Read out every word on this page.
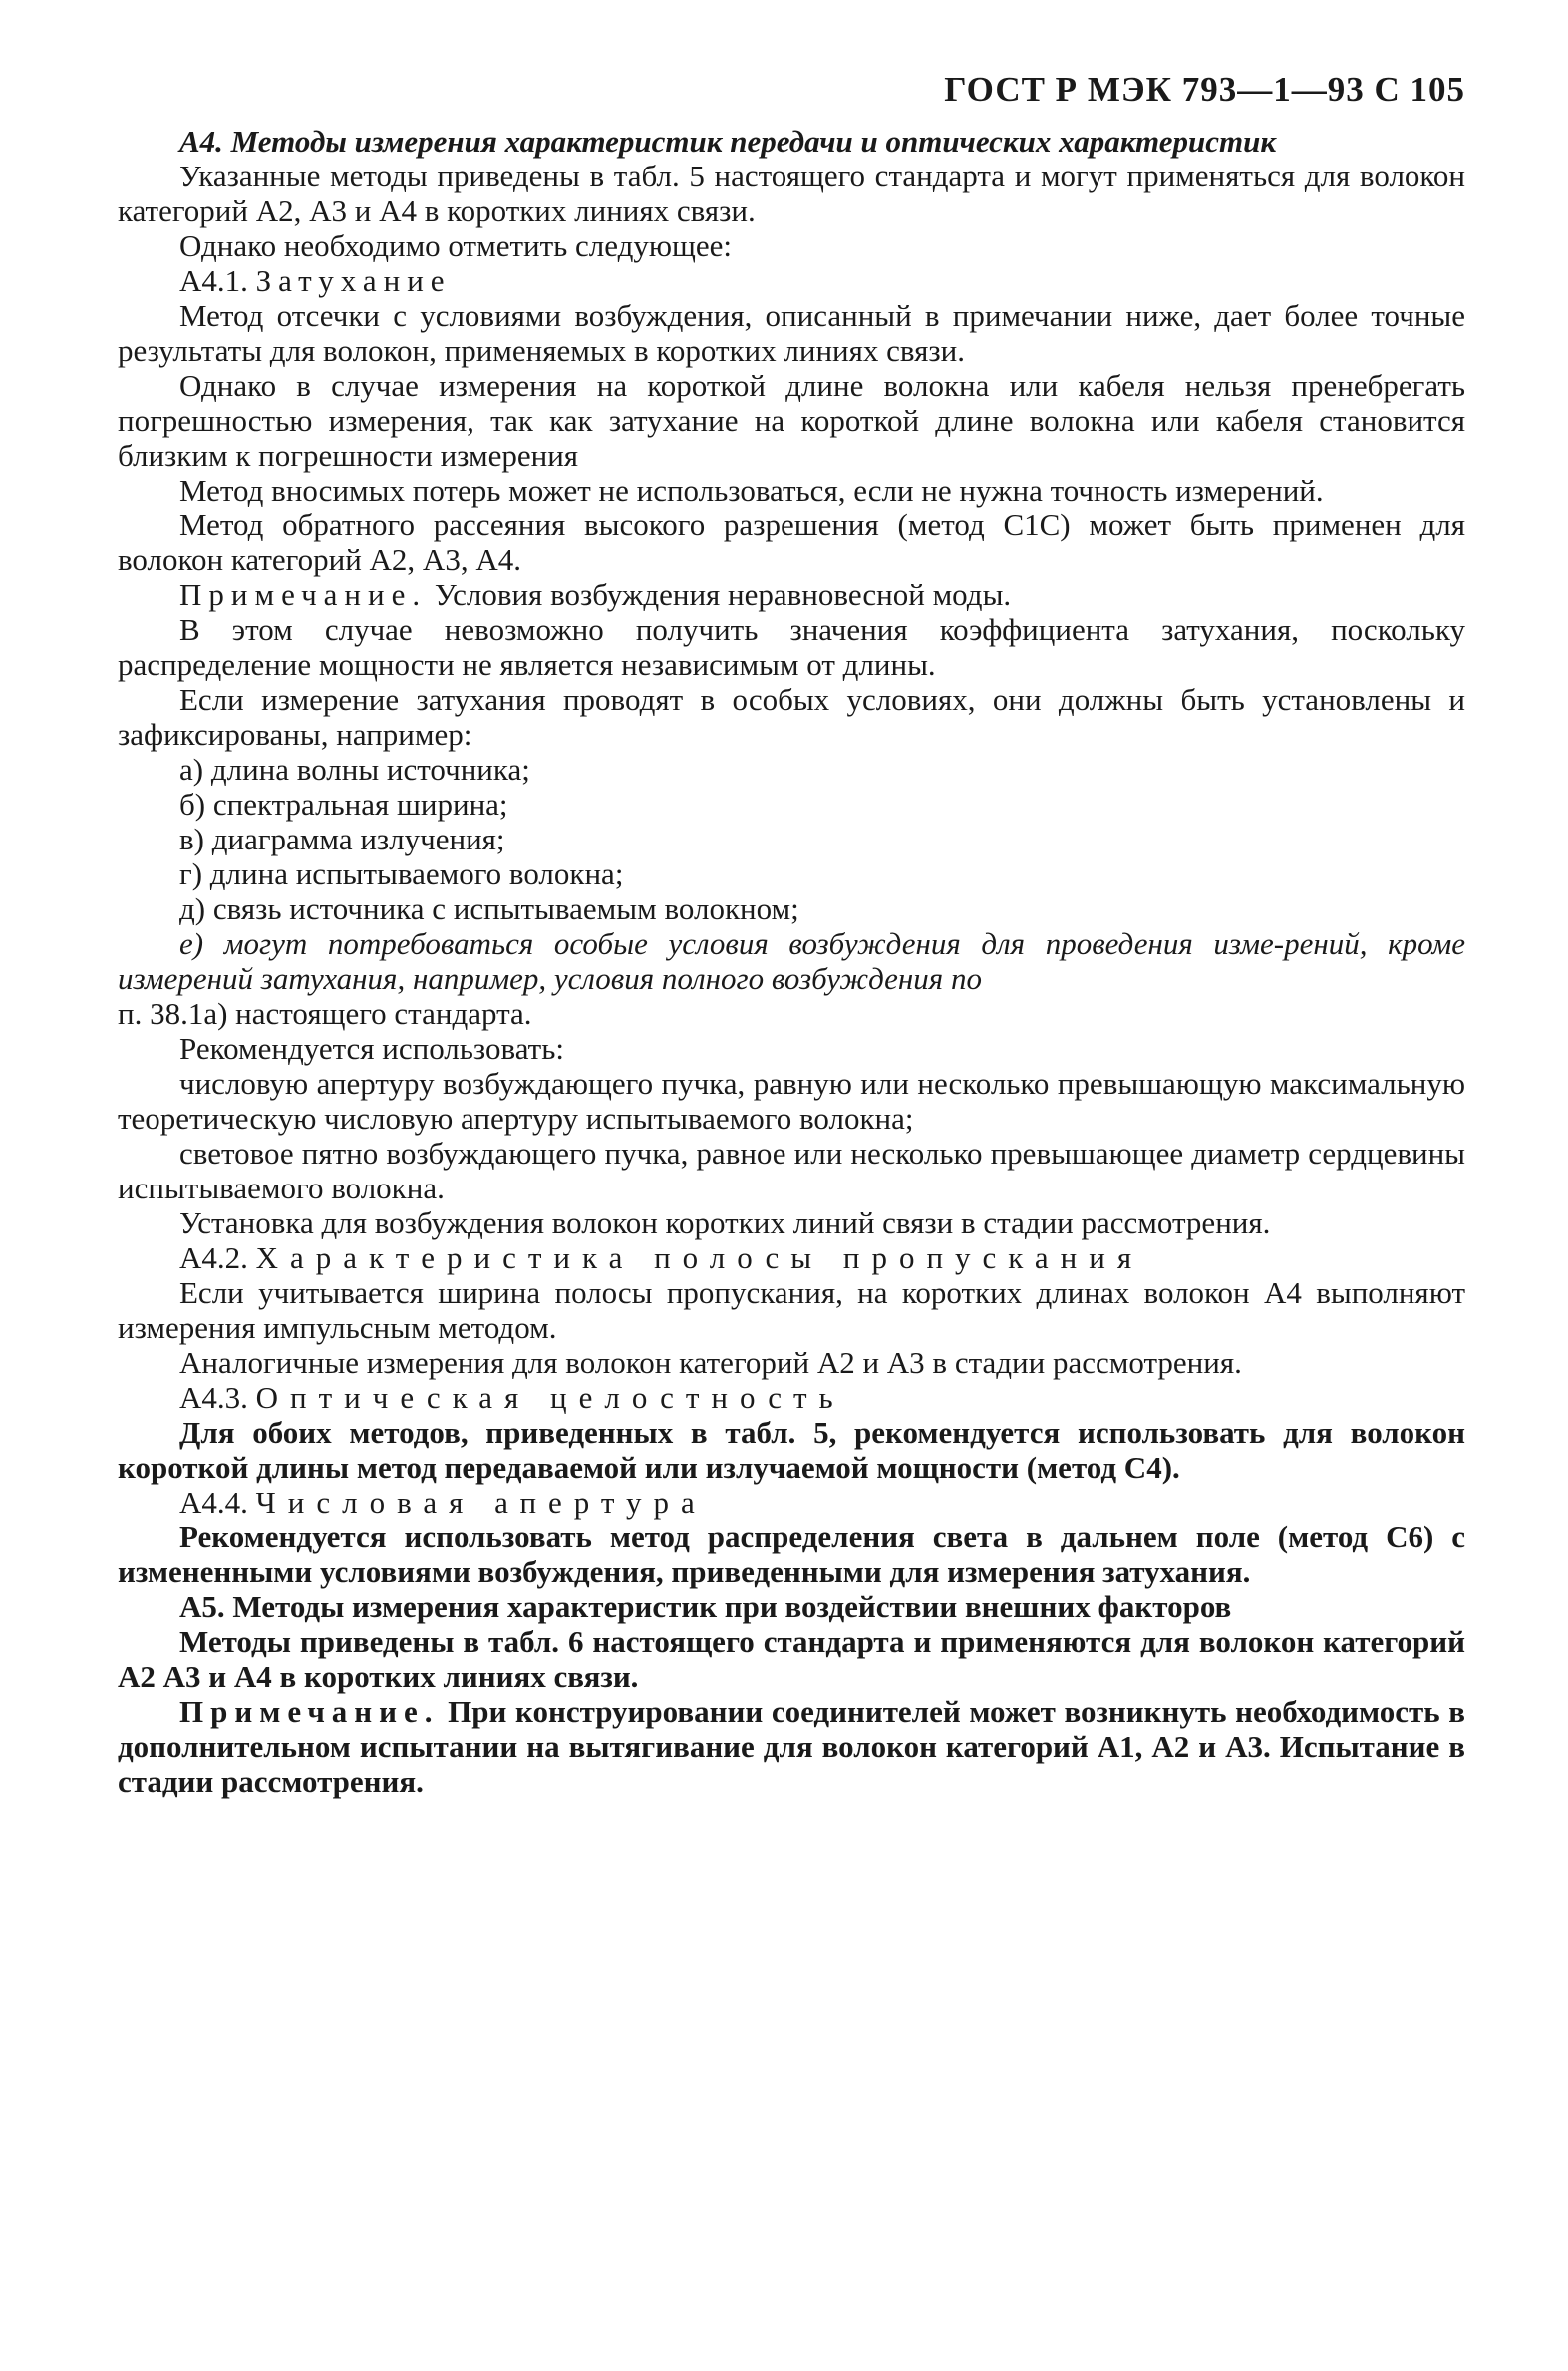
ГОСТ Р МЭК 793—1—93 С 105

А4. Методы измерения характеристик передачи и оптических характеристик

Указанные методы приведены в табл. 5 настоящего стандарта и могут применяться для волокон категорий А2, А3 и А4 в коротких линиях связи.

Однако необходимо отметить следующее:

А4.1. Затухание

Метод отсечки с условиями возбуждения, описанный в примечании ниже, дает более точные результаты для волокон, применяемых в коротких линиях связи.

Однако в случае измерения на короткой длине волокна или кабеля нельзя пренебрегать погрешностью измерения, так как затухание на короткой длине волокна или кабеля становится близким к погрешности измерения

Метод вносимых потерь может не использоваться, если не нужна точность измерений.

Метод обратного рассеяния высокого разрешения (метод С1С) может быть применен для волокон категорий А2, А3, А4.

Примечание. Условия возбуждения неравновесной моды.

В этом случае невозможно получить значения коэффициента затухания, поскольку распределение мощности не является независимым от длины.

Если измерение затухания проводят в особых условиях, они должны быть установлены и зафиксированы, например:

а) длина волны источника;

б) спектральная ширина;

в) диаграмма излучения;

г) длина испытываемого волокна;

д) связь источника с испытываемым волокном;

е) могут потребоваться особые условия возбуждения для проведения изме-рений, кроме измерений затухания, например, условия полного возбуждения по

п. 38.1а) настоящего стандарта.

Рекомендуется использовать:

числовую апертуру возбуждающего пучка, равную или несколько превышающую максимальную теоретическую числовую апертуру испытываемого волокна;

световое пятно возбуждающего пучка, равное или несколько превышающее диаметр сердцевины испытываемого волокна.

Установка для возбуждения волокон коротких линий связи в стадии рассмотрения.

А4.2. Характеристика полосы пропускания

Если учитывается ширина полосы пропускания, на коротких длинах волокон А4 выполняют измерения импульсным методом.

Аналогичные измерения для волокон категорий А2 и А3 в стадии рассмотрения.

А4.3. Оптическая целостность

Для обоих методов, приведенных в табл. 5, рекомендуется использовать для волокон короткой длины метод передаваемой или излучаемой мощности (метод С4).

А4.4. Числовая апертура

Рекомендуется использовать метод распределения света в дальнем поле (метод С6) с измененными условиями возбуждения, приведенными для измерения затухания.

А5. Методы измерения характеристик при воздействии внешних факторов

Методы приведены в табл. 6 настоящего стандарта и применяются для волокон категорий А2 А3 и А4 в коротких линиях связи.

Примечание. При конструировании соединителей может возникнуть необходимость в дополнительном испытании на вытягивание для волокон категорий А1, А2 и А3. Испытание в стадии рассмотрения.
